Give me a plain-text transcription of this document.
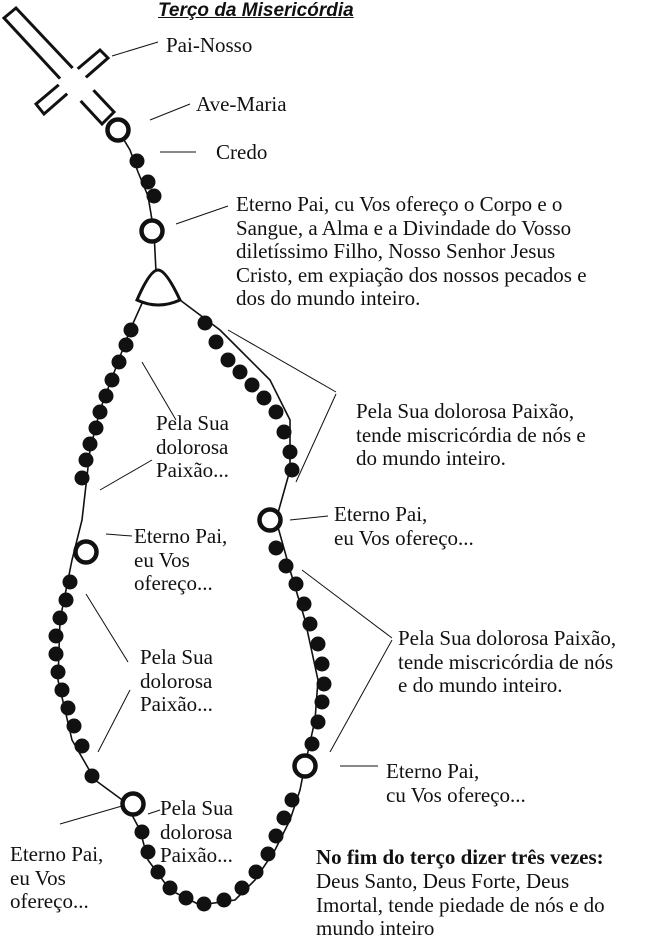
Terço da Misericórdia

Pai-Nosso

Ave-Maria

Credo

Eterno Pai, cu Vos ofereço o Corpo e o
Sangue, a Alma e a Divindade do Vosso
diletíssimo Filho, Nosso Senhor Jesus
Cristo, em expiação dos nossos pecados e
dos do mundo inteiro.

Pela Sua
dolorosa
Paixão...

Pela Sua dolorosa Paixão,
tende miscricórdia de nós e
do mundo inteiro.

Eterno Pai,
eu Vos ofereço...

Eterno Pai,
eu Vos
ofereço...

Pela Sua dolorosa Paixão,
tende miscricórdia de nós
e do mundo inteiro.

Pela Sua
dolorosa
Paixão...

Eterno Pai,
cu Vos ofereço...

Pela Sua
dolorosa
Paixão...

Eterno Pai,
eu Vos
ofereço...

No fim do terço dizer três vezes:

Deus Santo, Deus Forte, Deus
Imortal, tende piedade de nós e do
mundo inteiro
